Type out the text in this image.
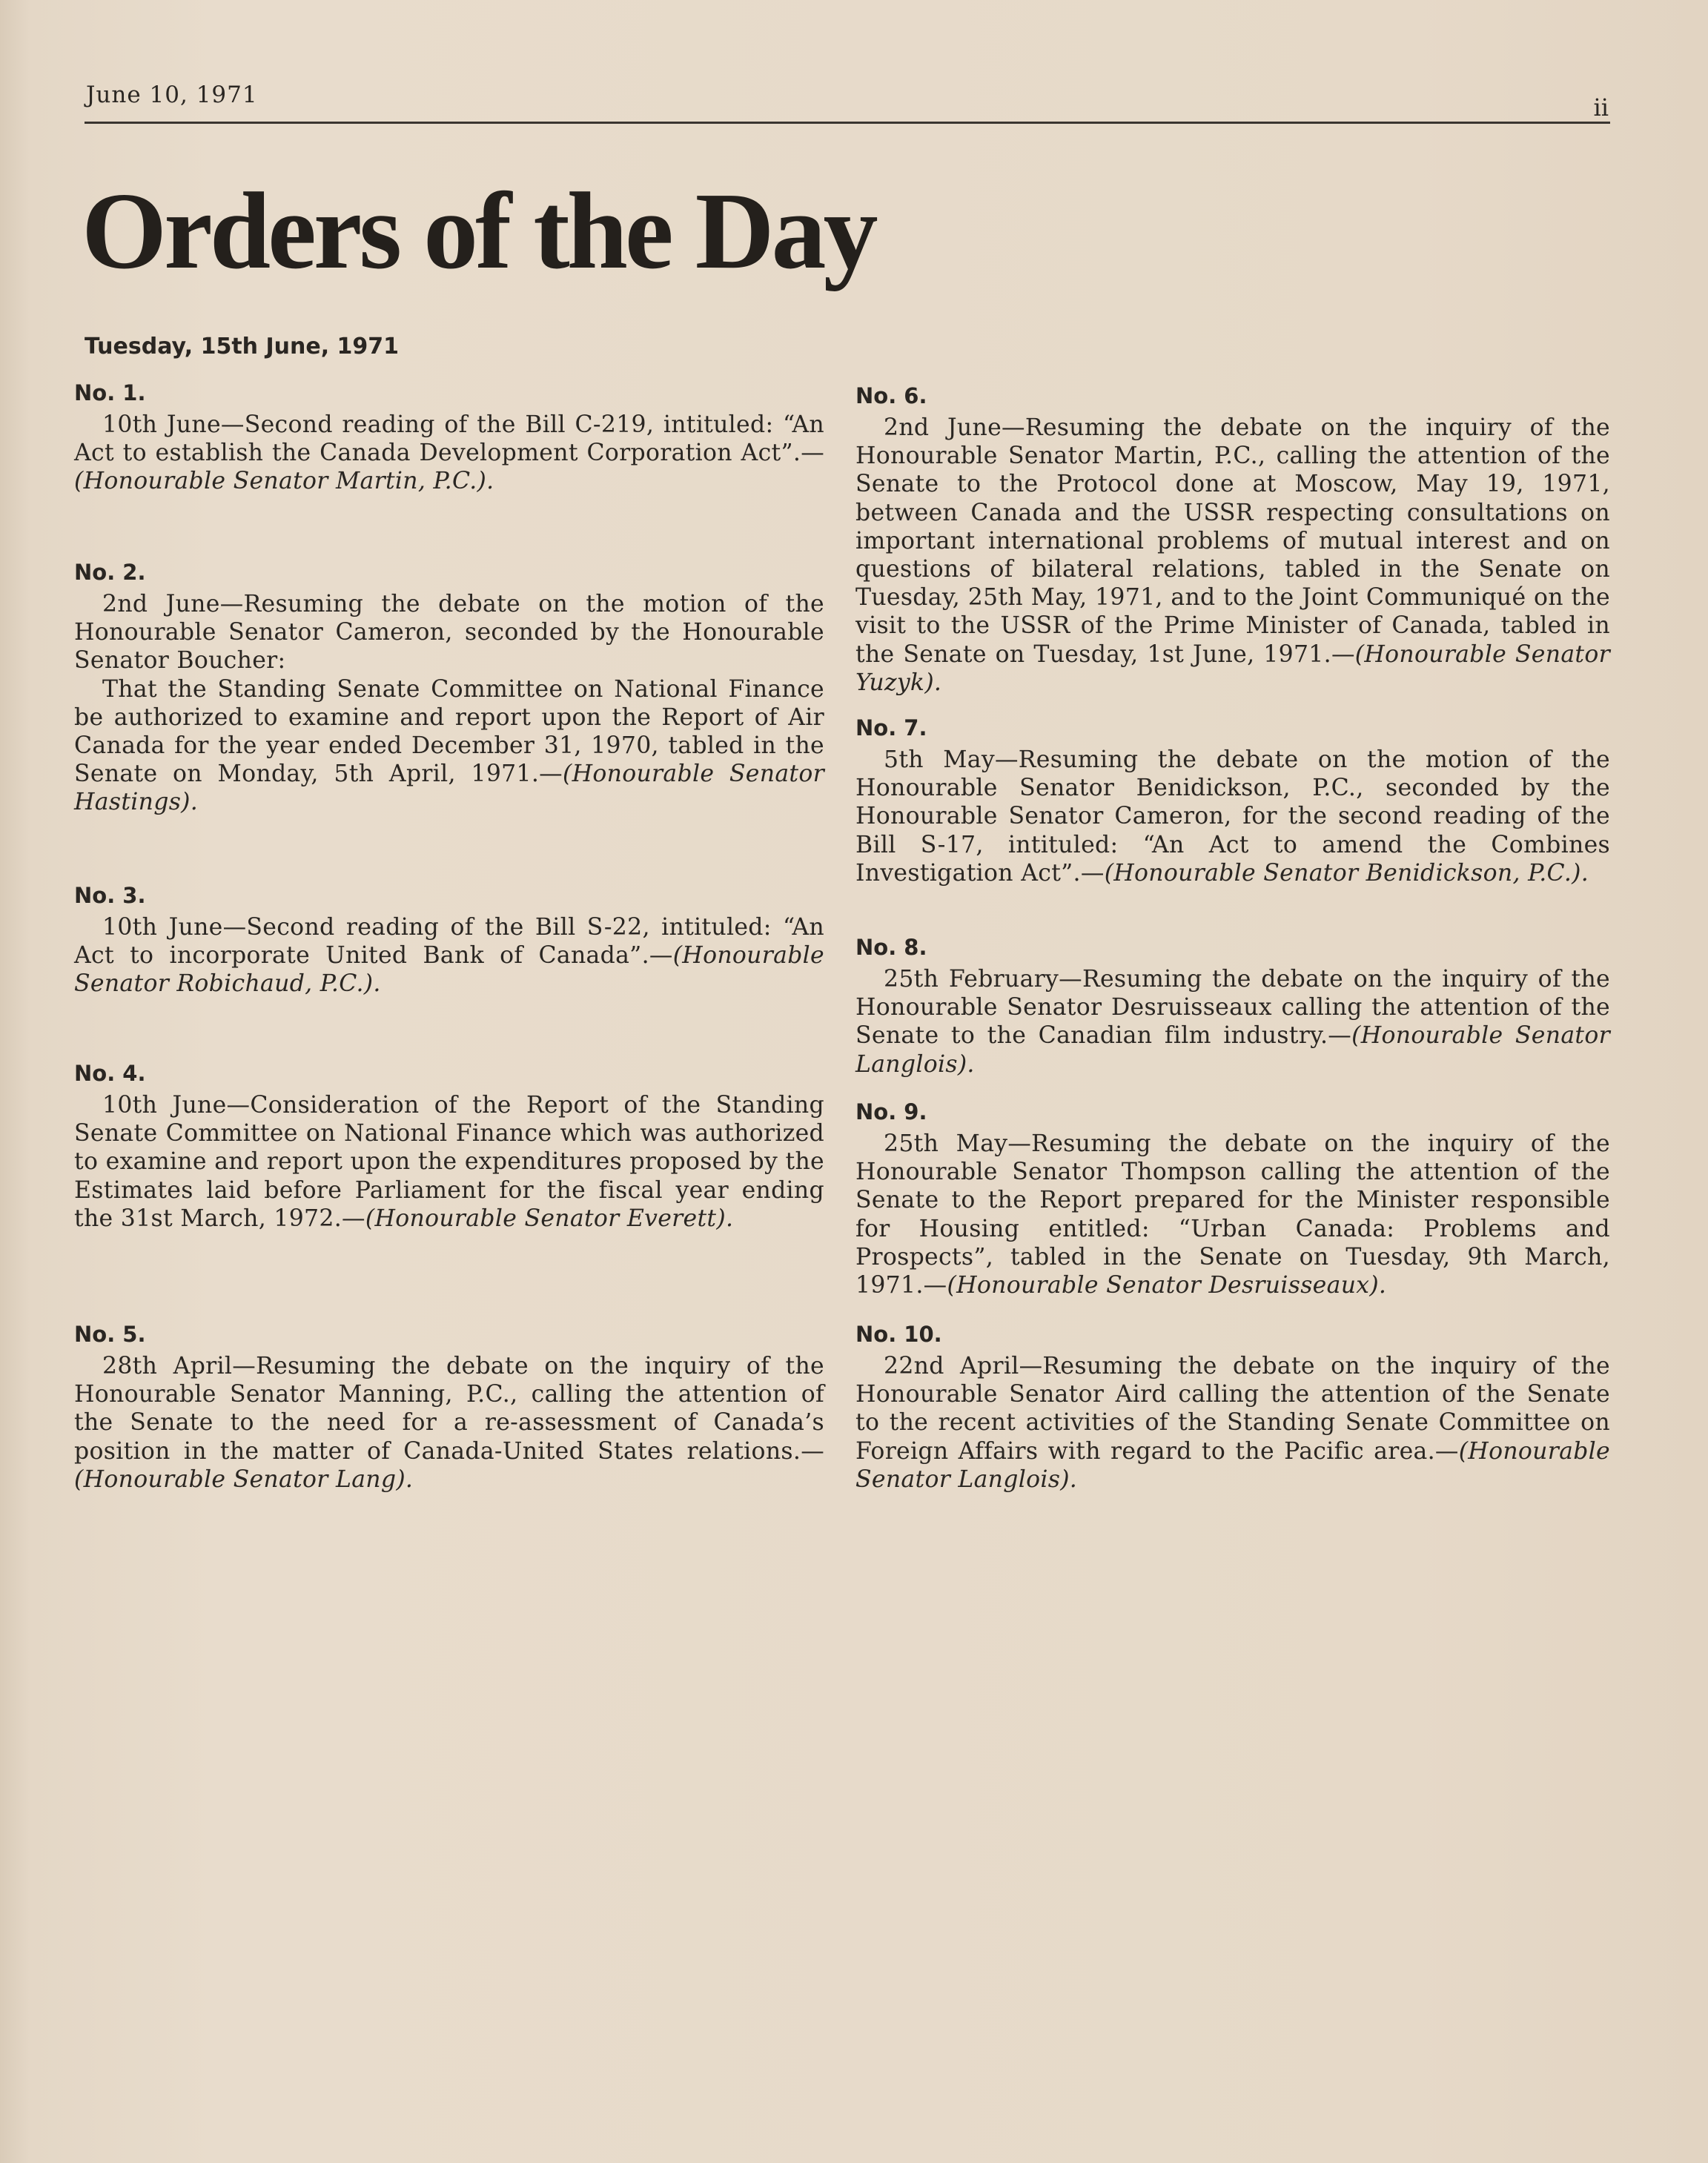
June 10, 1971	ii
Orders of the Day
Tuesday, 15th June, 1971
No. 1.

10th June—Second reading of the Bill C-219, intituled: “An Act to establish the Canada Development Corporation Act”.—(Honourable Senator Martin, P.C.).

No. 2.

2nd June—Resuming the debate on the motion of the Honourable Senator Cameron, seconded by the Honourable Senator Boucher:

That the Standing Senate Committee on National Finance be authorized to examine and report upon the Report of Air Canada for the year ended December 31, 1970, tabled in the Senate on Monday, 5th April, 1971.—(Honourable Senator Hastings).

No. 3.

10th June—Second reading of the Bill S-22, intituled: “An Act to incorporate United Bank of Canada”.—(Honourable Senator Robichaud, P.C.).

No. 4.

10th June—Consideration of the Report of the Standing Senate Committee on National Finance which was authorized to examine and report upon the expenditures proposed by the Estimates laid before Parliament for the fiscal year ending the 31st March, 1972.—(Honourable Senator Everett).

No. 5.

28th April—Resuming the debate on the inquiry of the Honourable Senator Manning, P.C., calling the attention of the Senate to the need for a re-assessment of Canada’s position in the matter of Canada-United States relations.—(Honourable Senator Lang).

No. 6.

2nd June—Resuming the debate on the inquiry of the Honourable Senator Martin, P.C., calling the attention of the Senate to the Protocol done at Moscow, May 19, 1971, between Canada and the USSR respecting consultations on important international problems of mutual interest and on questions of bilateral relations, tabled in the Senate on Tuesday, 25th May, 1971, and to the Joint Communiqué on the visit to the USSR of the Prime Minister of Canada, tabled in the Senate on Tuesday, 1st June, 1971.—(Honourable Senator Yuzyk).

No. 7.

5th May—Resuming the debate on the motion of the Honourable Senator Benidickson, P.C., seconded by the Honourable Senator Cameron, for the second reading of the Bill S-17, intituled: “An Act to amend the Combines Investigation Act”.—(Honourable Senator Benidickson, P.C.).

No. 8.

25th February—Resuming the debate on the inquiry of the Honourable Senator Desruisseaux calling the attention of the Senate to the Canadian film industry.—(Honourable Senator Langlois).

No. 9.

25th May—Resuming the debate on the inquiry of the Honourable Senator Thompson calling the attention of the Senate to the Report prepared for the Minister responsible for Housing entitled: “Urban Canada: Problems and Prospects”, tabled in the Senate on Tuesday, 9th March, 1971.—(Honourable Senator Desruisseaux).

No. 10.

22nd April—Resuming the debate on the inquiry of the Honourable Senator Aird calling the attention of the Senate to the recent activities of the Standing Senate Committee on Foreign Affairs with regard to the Pacific area.—(Honourable Senator Langlois).
